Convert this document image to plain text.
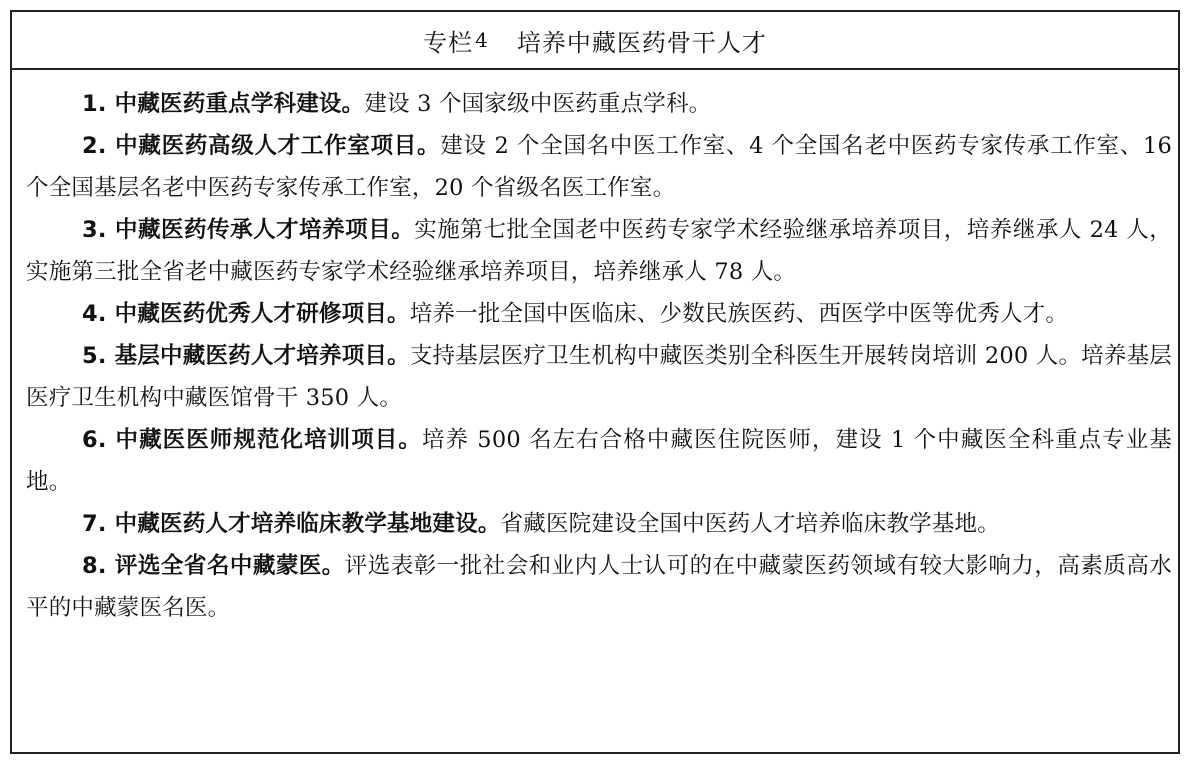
专栏 4 培养中藏医药骨干人才

1. 中藏医药重点学科建设。建设 3 个国家级中医药重点学科。

2. 中藏医药高级人才工作室项目。建设 2 个全国名中医工作室、4 个全国名老中医药专家传承工作室、16 个全国基层名老中医药专家传承工作室，20 个省级名医工作室。

3. 中藏医药传承人才培养项目。实施第七批全国老中医药专家学术经验继承培养项目，培养继承人 24 人，实施第三批全省老中藏医药专家学术经验继承培养项目，培养继承人 78 人。

4. 中藏医药优秀人才研修项目。培养一批全国中医临床、少数民族医药、西医学中医等优秀人才。

5. 基层中藏医药人才培养项目。支持基层医疗卫生机构中藏医类别全科医生开展转岗培训 200 人。培养基层医疗卫生机构中藏医馆骨干 350 人。

6. 中藏医医师规范化培训项目。培养 500 名左右合格中藏医住院医师，建设 1 个中藏医全科重点专业基地。

7. 中藏医药人才培养临床教学基地建设。省藏医院建设全国中医药人才培养临床教学基地。

8. 评选全省名中藏蒙医。评选表彰一批社会和业内人士认可的在中藏蒙医药领域有较大影响力，高素质高水平的中藏蒙医名医。
